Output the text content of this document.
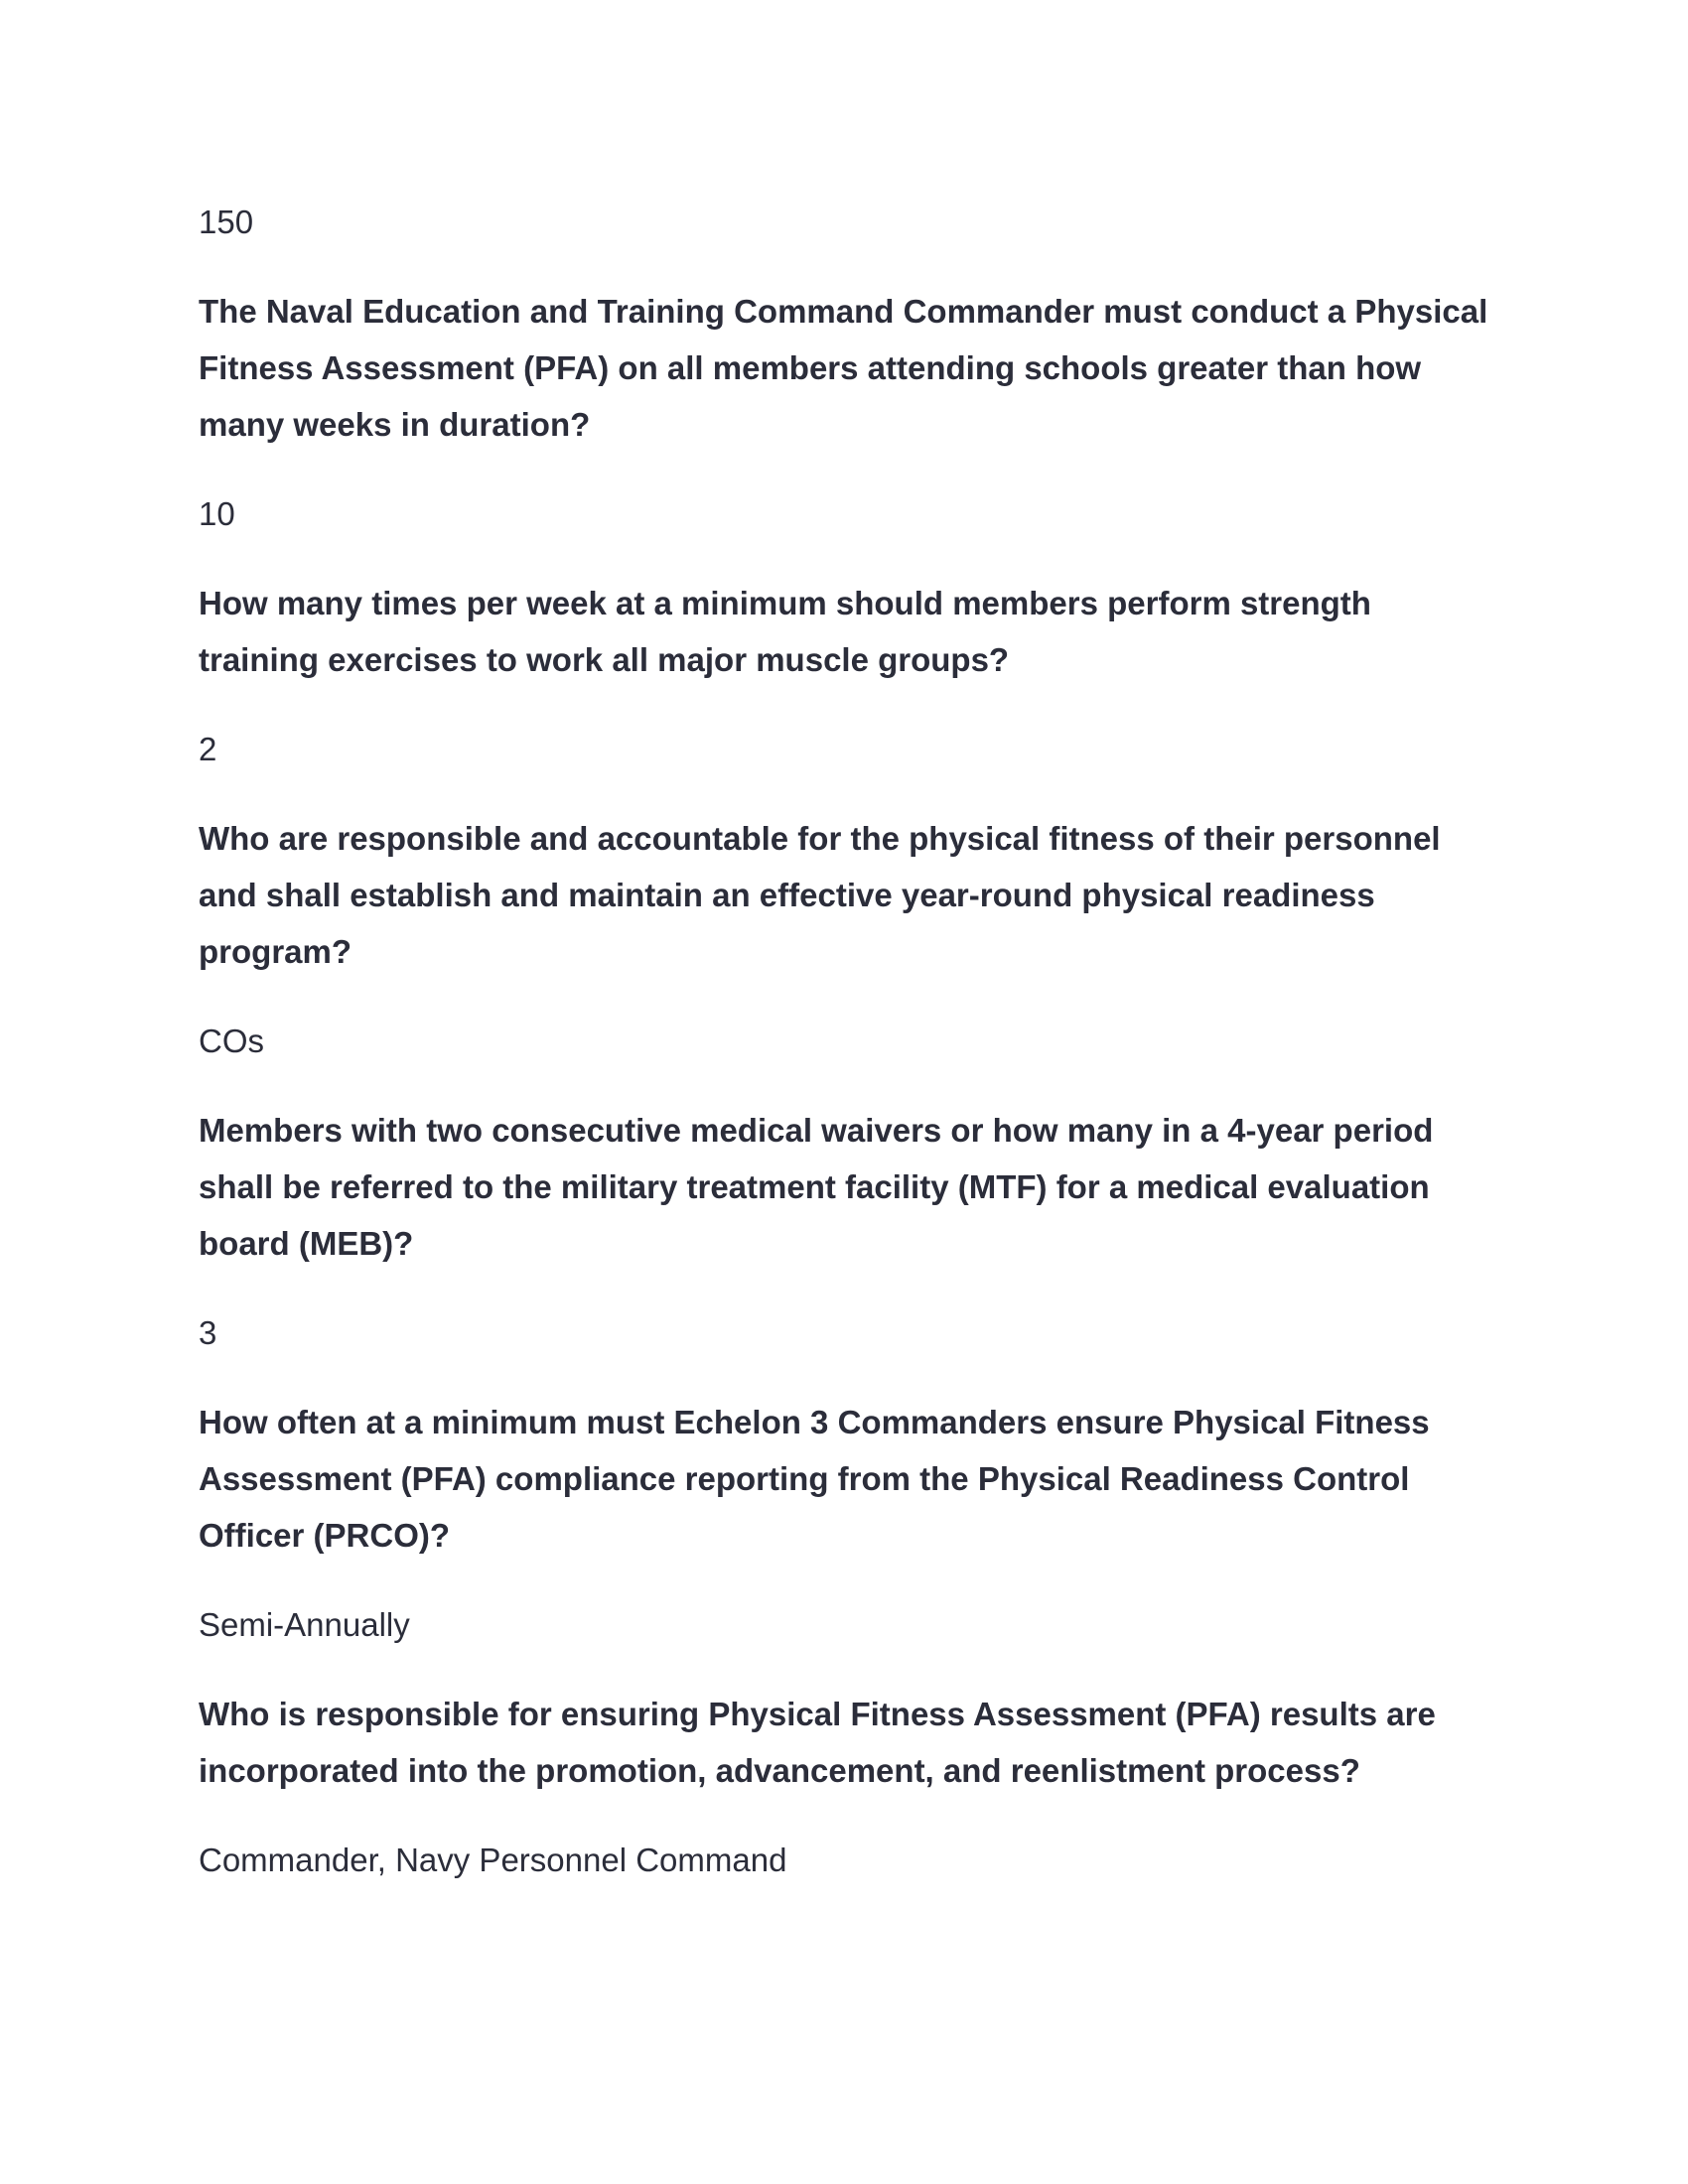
150

The Naval Education and Training Command Commander must conduct a Physical Fitness Assessment (PFA) on all members attending schools greater than how many weeks in duration?

10

How many times per week at a minimum should members perform strength training exercises to work all major muscle groups?

2

Who are responsible and accountable for the physical fitness of their personnel and shall establish and maintain an effective year-round physical readiness program?

COs

Members with two consecutive medical waivers or how many in a 4-year period shall be referred to the military treatment facility (MTF) for a medical evaluation board (MEB)?

3

How often at a minimum must Echelon 3 Commanders ensure Physical Fitness Assessment (PFA) compliance reporting from the Physical Readiness Control Officer (PRCO)?

Semi-Annually

Who is responsible for ensuring Physical Fitness Assessment (PFA) results are incorporated into the promotion, advancement, and reenlistment process?

Commander, Navy Personnel Command
